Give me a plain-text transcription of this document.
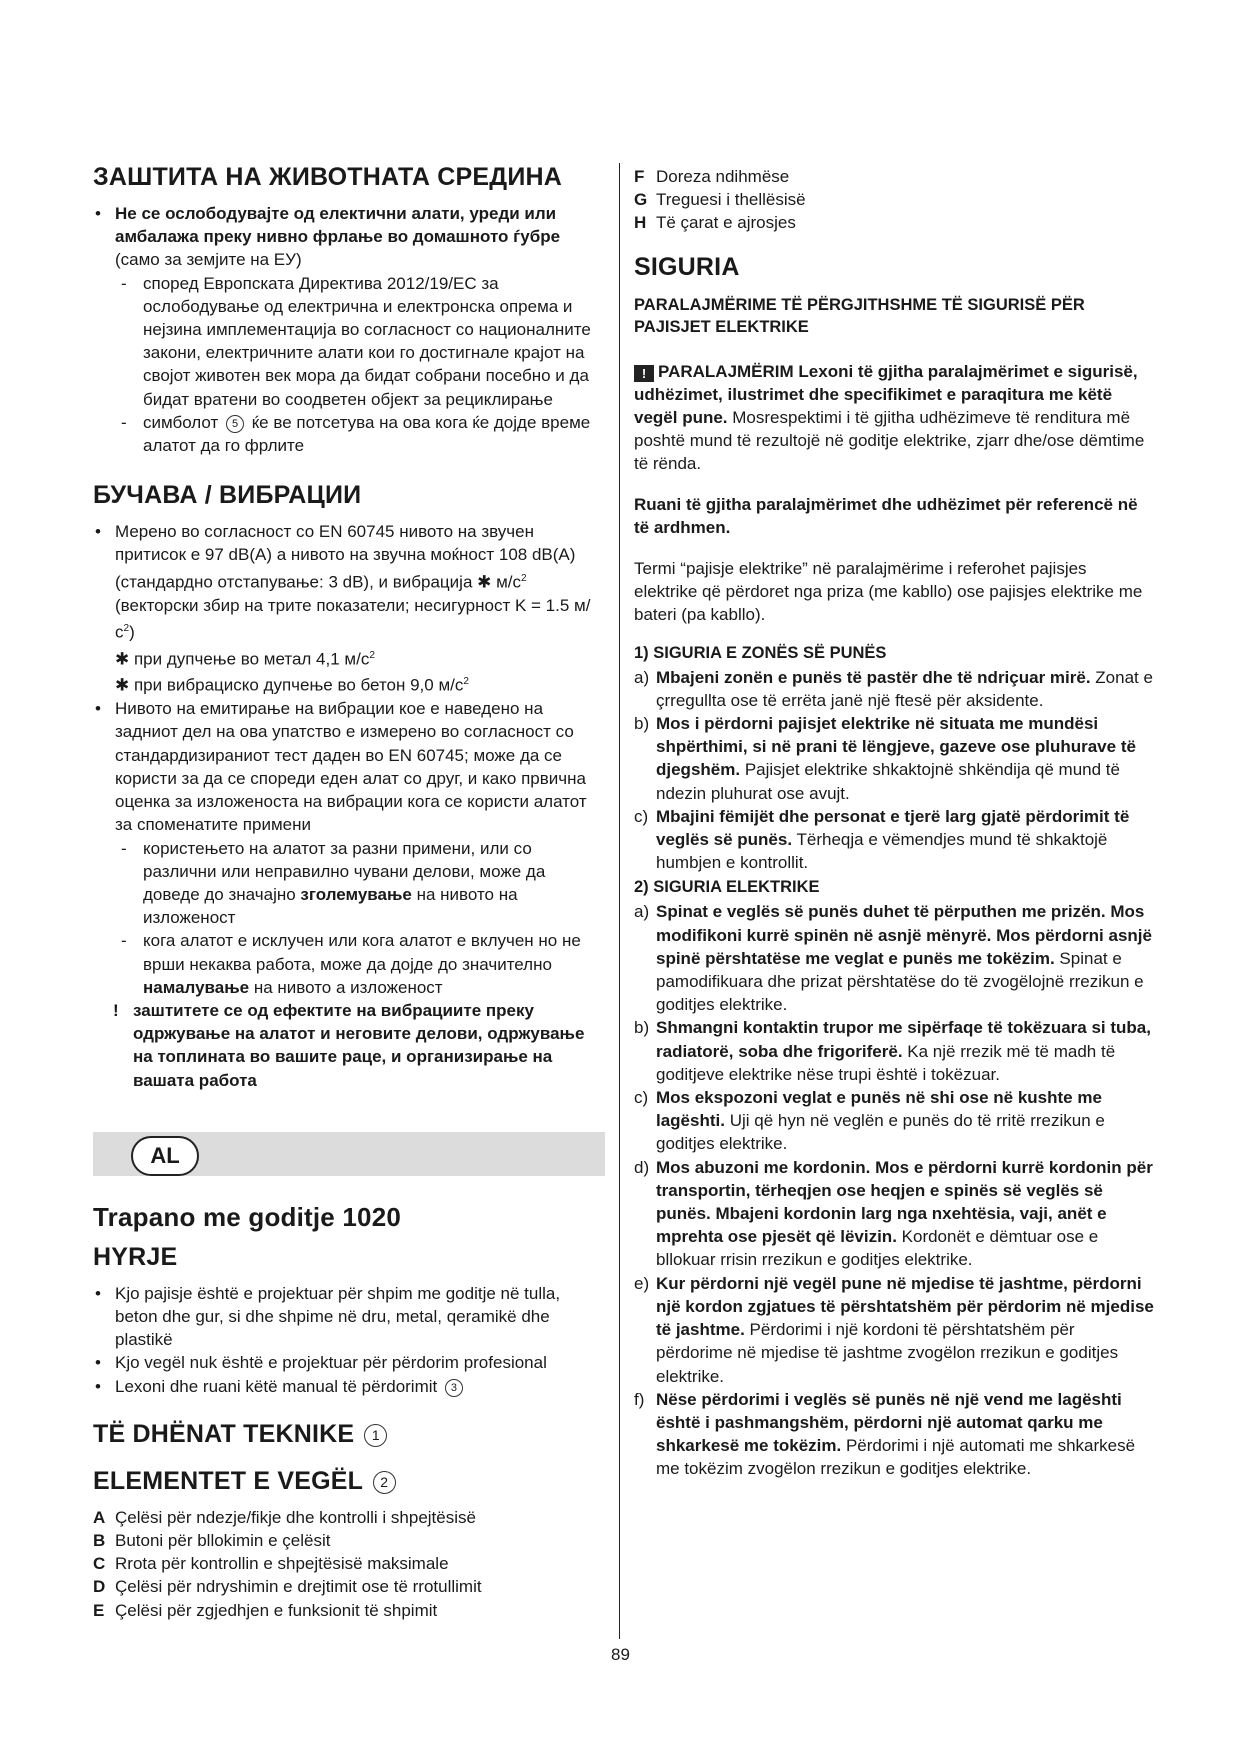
ЗАШТИТА НА ЖИВОТНАТА СРЕДИНА
• Не се ослободувајте од електични алати, уреди или амбалажа преку нивно фрлање во домашното ѓубре (само за земјите на ЕУ)
- според Европската Директива 2012/19/EC за ослободување од електрична и електронска опрема и нејзина имплементација во согласност со националните закони, електричните алати кои го достигнале крајот на својот животен век мора да бидат собрани посебно и да бидат вратени во соодветен објект за рециклирање
- симболот 5 ќе ве потсетува на ова кога ќе дојде време алатот да го фрлите
БУЧАВА / ВИБРАЦИИ
• Мерено во согласност со EN 60745 нивото на звучен притисок е 97 dB(A) а нивото на звучна моќност 108 dB(A) (стандардно отстапување: 3 dB), и вибрација ✱ $м/с^2$ (векторски збир на трите показатели; несигурност K = 1.5 $м/с^2$)
✱ при дупчење во метал 4,1 $м/с^2$
✱ при вибрациско дупчење во бетон 9,0 $м/с^2$
• Нивото на емитирање на вибрации кое е наведено на задниот дел на ова упатство е измерено во согласност со стандардизираниот тест даден во EN 60745; може да се користи за да се спореди еден алат со друг, и како првична оценка за изложеноста на вибрации кога се користи алатот за споменатите примени
- користењето на алатот за разни примени, или со различни или неправилно чувани делови, може да доведе до значајно зголемување на нивото на изложеност
- кога алатот е исклучен или кога алатот е вклучен но не врши некаква работа, може да дојде до значително намалување на нивото а изложеност
! заштитете се од ефектите на вибрациите преку одржување на алатот и неговите делови, одржување на топлината во вашите раце, и организирање на вашата работа
AL
Trapano me goditje 1020
HYRJE
• Kjo pajisje është e projektuar për shpim me goditje në tulla, beton dhe gur, si dhe shpime në dru, metal, qeramikë dhe plastikë
• Kjo vegël nuk është e projektuar për përdorim profesional
• Lexoni dhe ruani këtë manual të përdorimit 3
TË DHËNAT TEKNIKE 1
ELEMENTET E VEGËL 2
A Çelësi për ndezje/fikje dhe kontrolli i shpejtësisë
B Butoni për bllokimin e çelësit
C Rrota për kontrollin e shpejtësisë maksimale
D Çelësi për ndryshimin e drejtimit ose të rrotullimit
E Çelësi për zgjedhjen e funksionit të shpimit
F Doreza ndihmëse
G Treguesi i thellësisë
H Të çarat e ajrosjes
SIGURIA
PARALAJMËRIME TË PËRGJITHSHME TË SIGURISË PËR PAJISJET ELEKTRIKE

! PARALAJMËRIM Lexoni të gjitha paralajmërimet e sigurisë, udhëzimet, ilustrimet dhe specifikimet e paraqitura me këtë vegël pune. Mosrespektimi i të gjitha udhëzimeve të renditura më poshtë mund të rezultojë në goditje elektrike, zjarr dhe/ose dëmtime të rënda.

Ruani të gjitha paralajmërimet dhe udhëzimet për referencë në të ardhmen.

Termi “pajisje elektrike” në paralajmërime i referohet pajisjes elektrike që përdoret nga priza (me kabllo) ose pajisjes elektrike me bateri (pa kabllo).

1) SIGURIA E ZONËS SË PUNËS
a) Mbajeni zonën e punës të pastër dhe të ndriçuar mirë. Zonat e çrregullta ose të errëta janë një ftesë për aksidente.
b) Mos i përdorni pajisjet elektrike në situata me mundësi shpërthimi, si në prani të lëngjeve, gazeve ose pluhurave të djegshëm. Pajisjet elektrike shkaktojnë shkëndija që mund të ndezin pluhurat ose avujt.
c) Mbajini fëmijët dhe personat e tjerë larg gjatë përdorimit të veglës së punës. Tërheqja e vëmendjes mund të shkaktojë humbjen e kontrollit.
2) SIGURIA ELEKTRIKE
a) Spinat e veglës së punës duhet të përputhen me prizën. Mos modifikoni kurrë spinën në asnjë mënyrë. Mos përdorni asnjë spinë përshtatëse me veglat e punës me tokëzim. Spinat e pamodifikuara dhe prizat përshtatëse do të zvogëlojnë rrezikun e goditjes elektrike.
b) Shmangni kontaktin trupor me sipërfaqe të tokëzuara si tuba, radiatorë, soba dhe frigoriferë. Ka një rrezik më të madh të goditjeve elektrike nëse trupi është i tokëzuar.
c) Mos ekspozoni veglat e punës në shi ose në kushte me lagështi. Uji që hyn në veglën e punës do të rritë rrezikun e goditjes elektrike.
d) Mos abuzoni me kordonin. Mos e përdorni kurrë kordonin për transportin, tërheqjen ose heqjen e spinës së veglës së punës. Mbajeni kordonin larg nga nxehtësia, vaji, anët e mprehta ose pjesët që lëvizin. Kordonët e dëmtuar ose e bllokuar rrisin rrezikun e goditjes elektrike.
e) Kur përdorni një vegël pune në mjedise të jashtme, përdorni një kordon zgjatues të përshtatshëm për përdorim në mjedise të jashtme. Përdorimi i një kordoni të përshtatshëm për përdorime në mjedise të jashtme zvogëlon rrezikun e goditjes elektrike.
f) Nëse përdorimi i veglës së punës në një vend me lagështi është i pashmangshëm, përdorni një automat qarku me shkarkesë me tokëzim. Përdorimi i një automati me shkarkesë me tokëzim zvogëlon rrezikun e goditjes elektrike.
89
